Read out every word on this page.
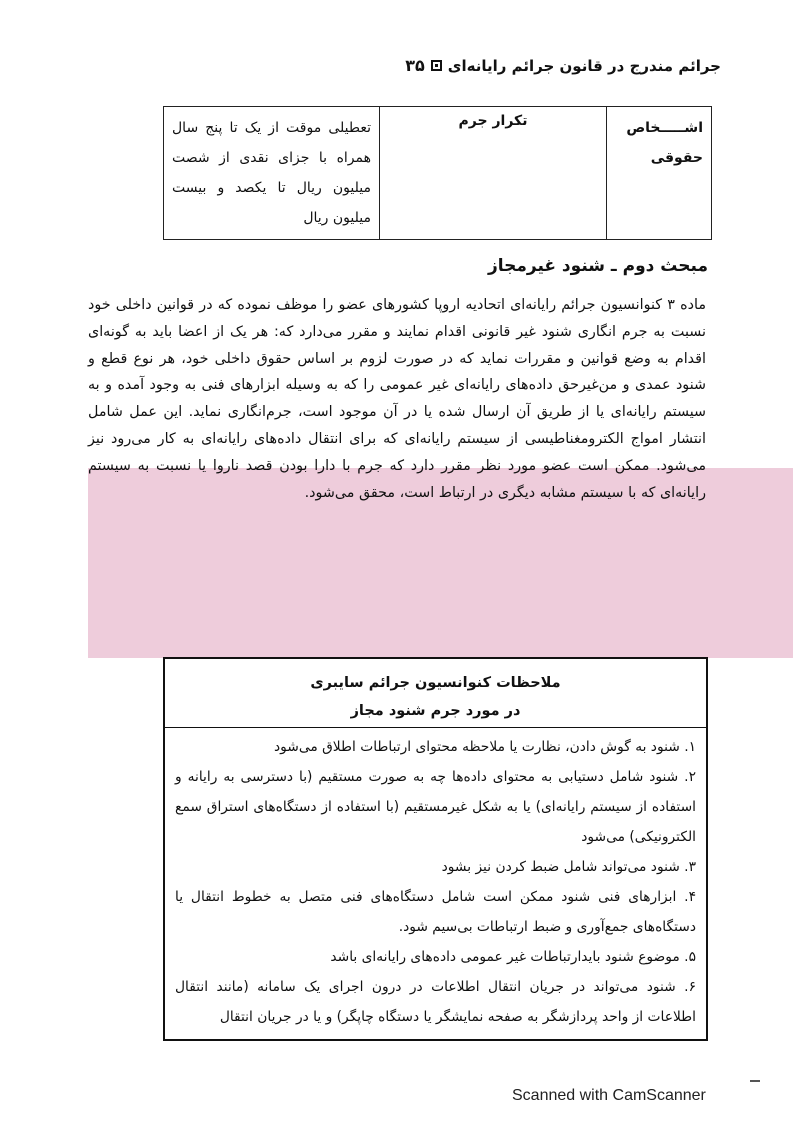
جرائم مندرج در قانون جرائم رایانه‌ای
۳۵
اشـــــخاص حقوقی	تکرار جرم	تعطیلی موقت از یک تا پنج سال همراه با جزای نقدی از شصت میلیون ریال تا یکصد و بیست میلیون ریال
مبحث دوم ـ شنود غیرمجاز
ماده ۳ کنوانسیون جرائم رایانه‌ای اتحادیه اروپا کشورهای عضو را موظف نموده که در قوانین داخلی خود نسبت به جرم انگاری شنود غیر قانونی اقدام نمایند و مقرر می‌دارد که: هر یک از اعضا باید به گونه‌ای اقدام به وضع قوانین و مقررات نماید که در صورت لزوم بر اساس حقوق داخلی خود، هر نوع قطع و شنود عمدی و من‌غیرحق داده‌های رایانه‌ای غیر عمومی را که به وسیله ابزارهای فنی به وجود آمده و به سیستم رایانه‌ای یا از طریق آن ارسال شده یا در آن موجود است، جرم‌انگاری نماید. این عمل شامل انتشار امواج الکترومغناطیسی از سیستم رایانه‌ای که برای انتقال داده‌های رایانه‌ای به کار می‌رود نیز می‌شود. ممکن است عضو مورد نظر مقرر دارد که جرم با دارا بودن قصد ناروا یا نسبت به سیستم رایانه‌ای که با سیستم مشابه دیگری در ارتباط است، محقق می‌شود.
ملاحظات کنوانسیون جرائم سایبری
در مورد جرم شنود مجاز

۱. شنود به گوش دادن، نظارت یا ملاحظه محتوای ارتباطات اطلاق می‌شود

۲. شنود شامل دستیابی به محتوای داده‌ها چه به صورت مستقیم (با دسترسی به رایانه و استفاده از سیستم رایانه‌ای) یا به شکل غیرمستقیم (با استفاده از دستگاه‌های استراق سمع الکترونیکی) می‌شود

۳. شنود می‌تواند شامل ضبط کردن نیز بشود

۴. ابزارهای فنی شنود ممکن است شامل دستگاه‌های فنی متصل به خطوط انتقال یا دستگاه‌های جمع‌آوری و ضبط ارتباطات بی‌سیم شود.

۵. موضوع شنود بایدارتباطات غیر عمومی داده‌های رایانه‌ای باشد

۶. شنود می‌تواند در جریان انتقال اطلاعات در درون اجرای یک سامانه (مانند انتقال اطلاعات از واحد پردازشگر به صفحه نمایشگر یا دستگاه چاپگر) و یا در جریان انتقال

Scanned with CamScanner
